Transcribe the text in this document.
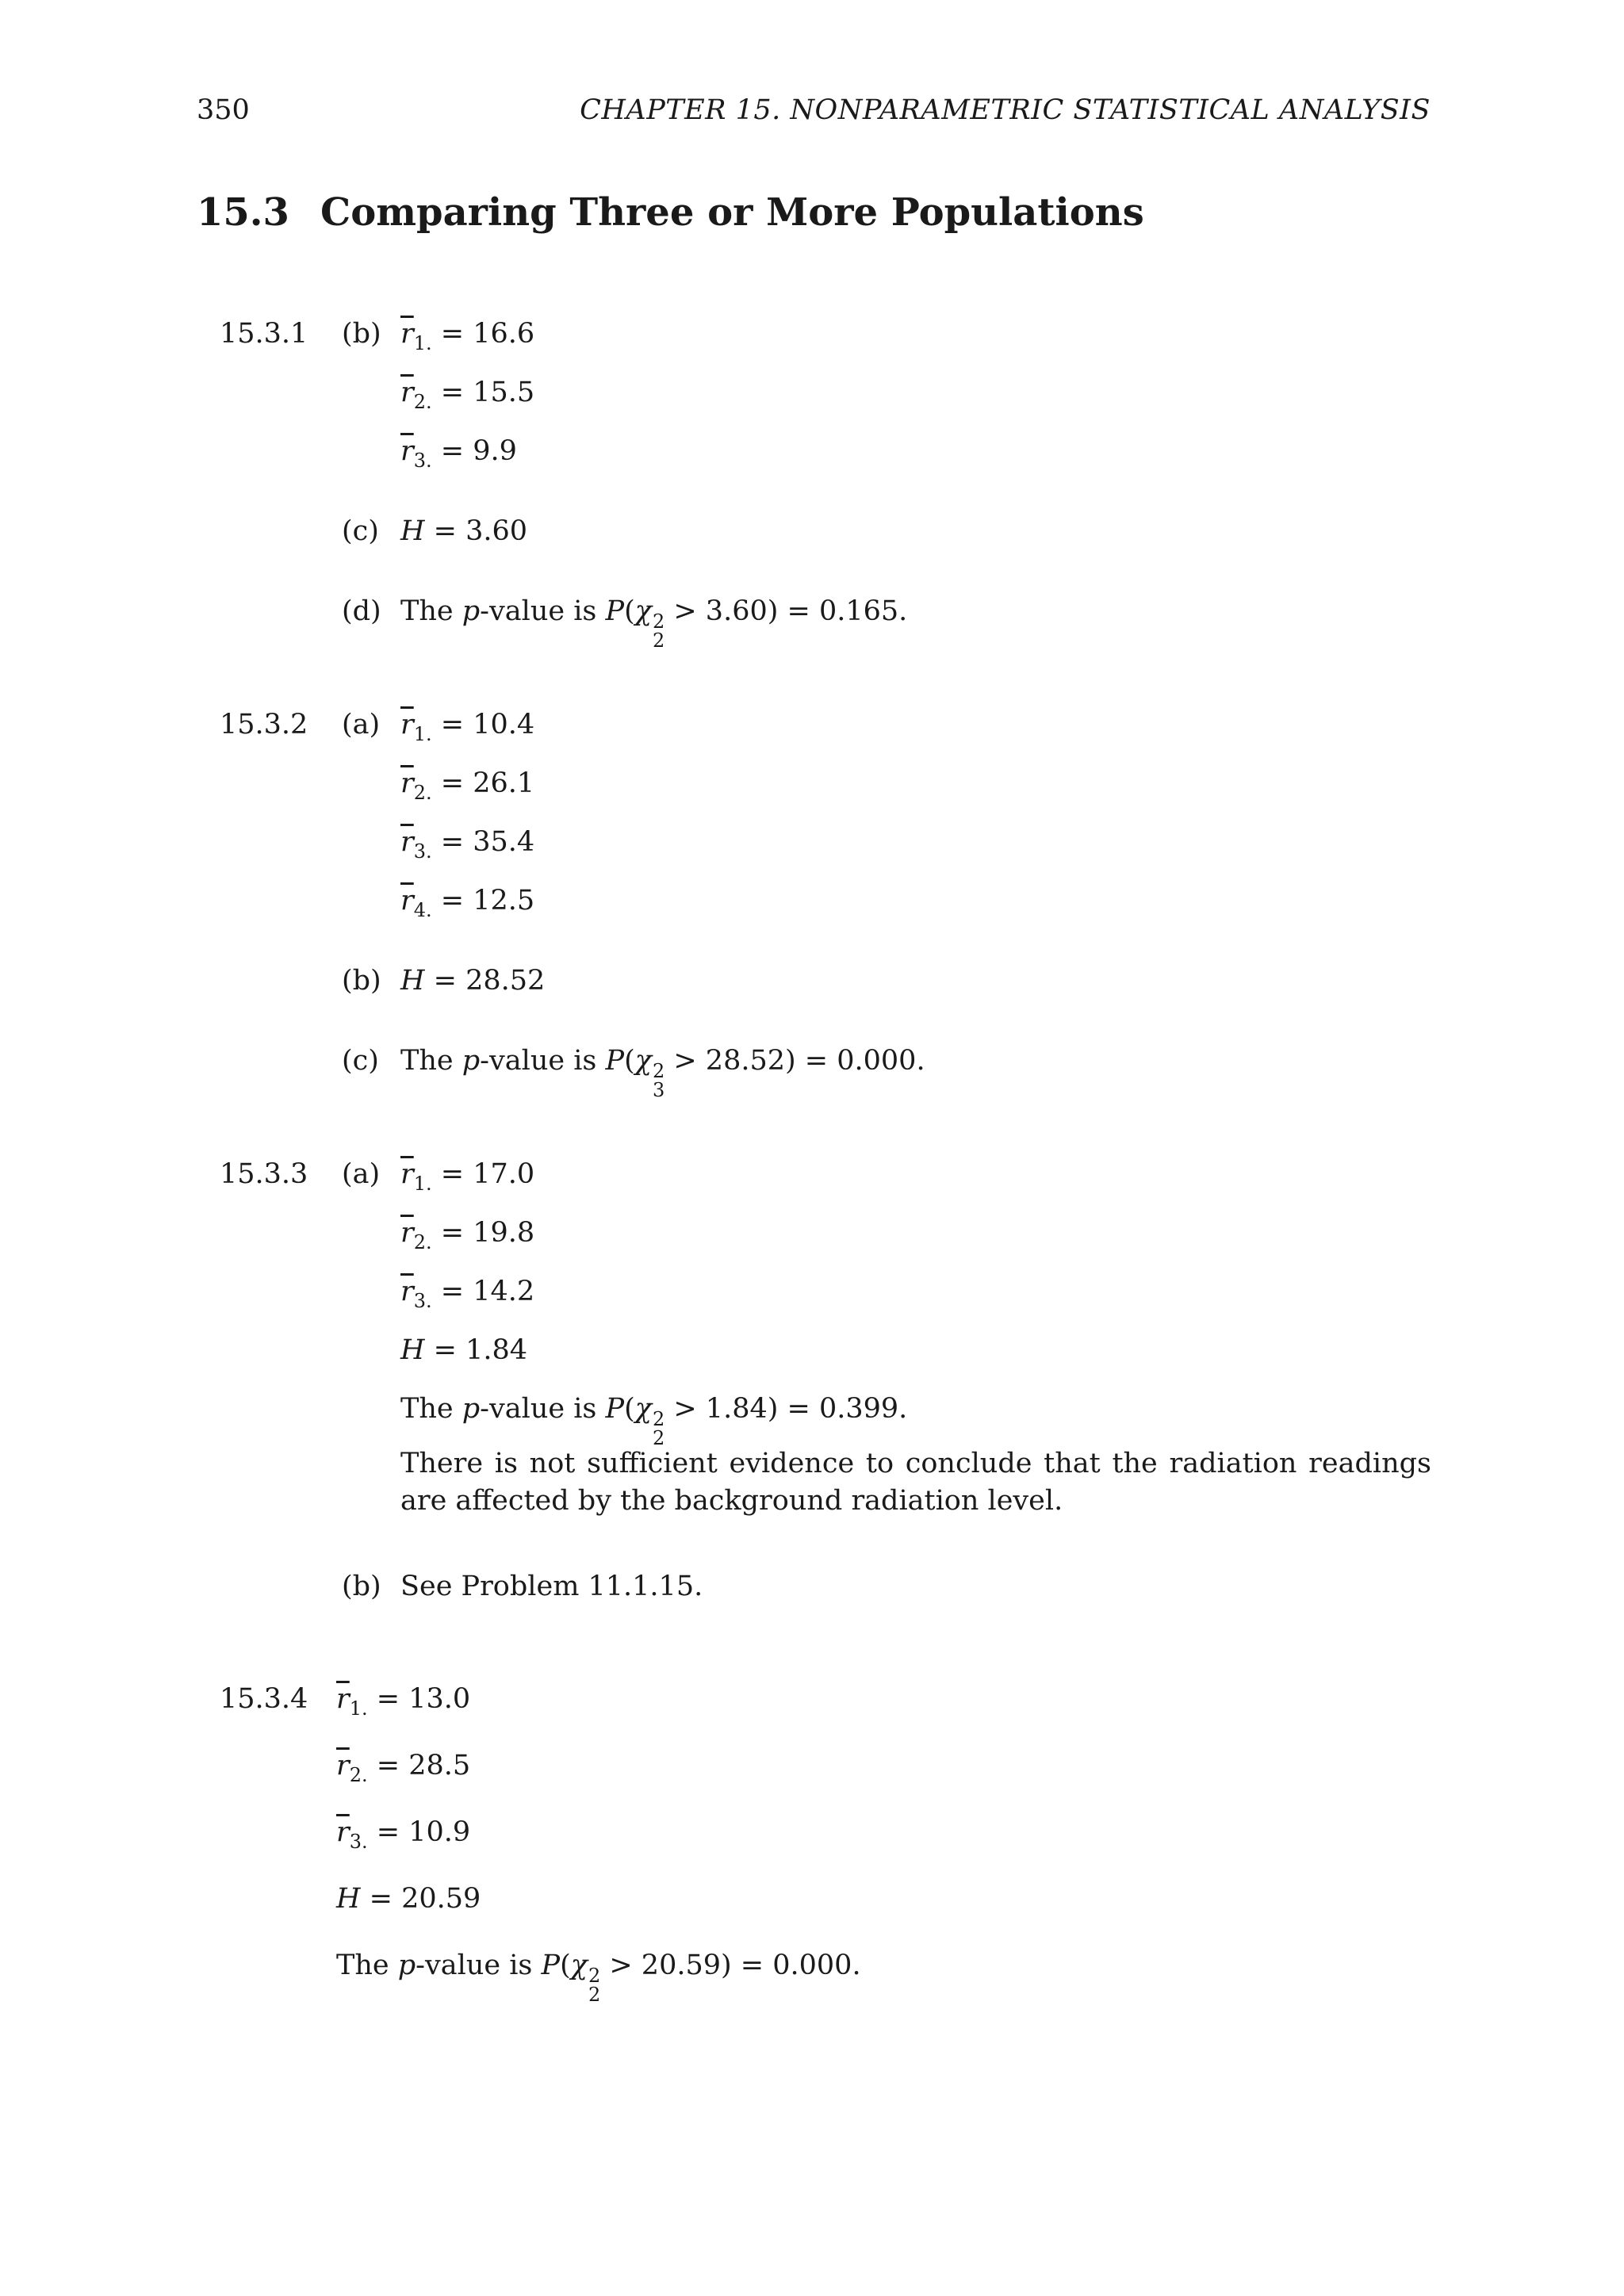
350	CHAPTER 15. NONPARAMETRIC STATISTICAL ANALYSIS
15.3 Comparing Three or More Populations
15.3.1 (b) $\overline{r}_{1.} = 16.6$
$\overline{r}_{2.} = 15.5$
$\overline{r}_{3.} = 9.9$
(c) H = 3.60
(d) The p-value is P(χ 2
2
> 3.60) = 0.165.
15.3.2 (a) $\overline{r}_{1.} = 10.4$
$\overline{r}_{2.} = 26.1$
$\overline{r}_{3.} = 35.4$
$\overline{r}_{4.} = 12.5$
(b) H = 28.52
(c) The p-value is P(χ 2
3
> 28.52) = 0.000.
15.3.3 (a) $\overline{r}_{1.} = 17.0$
$\overline{r}_{2.} = 19.8$
$\overline{r}_{3.} = 14.2$
H = 1.84
The p-value is P(χ 2
2
> 1.84) = 0.399.
There is not sufficient evidence to conclude that the radiation readings are affected by the background radiation level.
(b) See Problem 11.1.15.
15.3.4 $\overline{r}_{1.} = 13.0$
$\overline{r}_{2.} = 28.5$
$\overline{r}_{3.} = 10.9$
H = 20.59
The p-value is P(χ 2
2
> 20.59) = 0.000.
